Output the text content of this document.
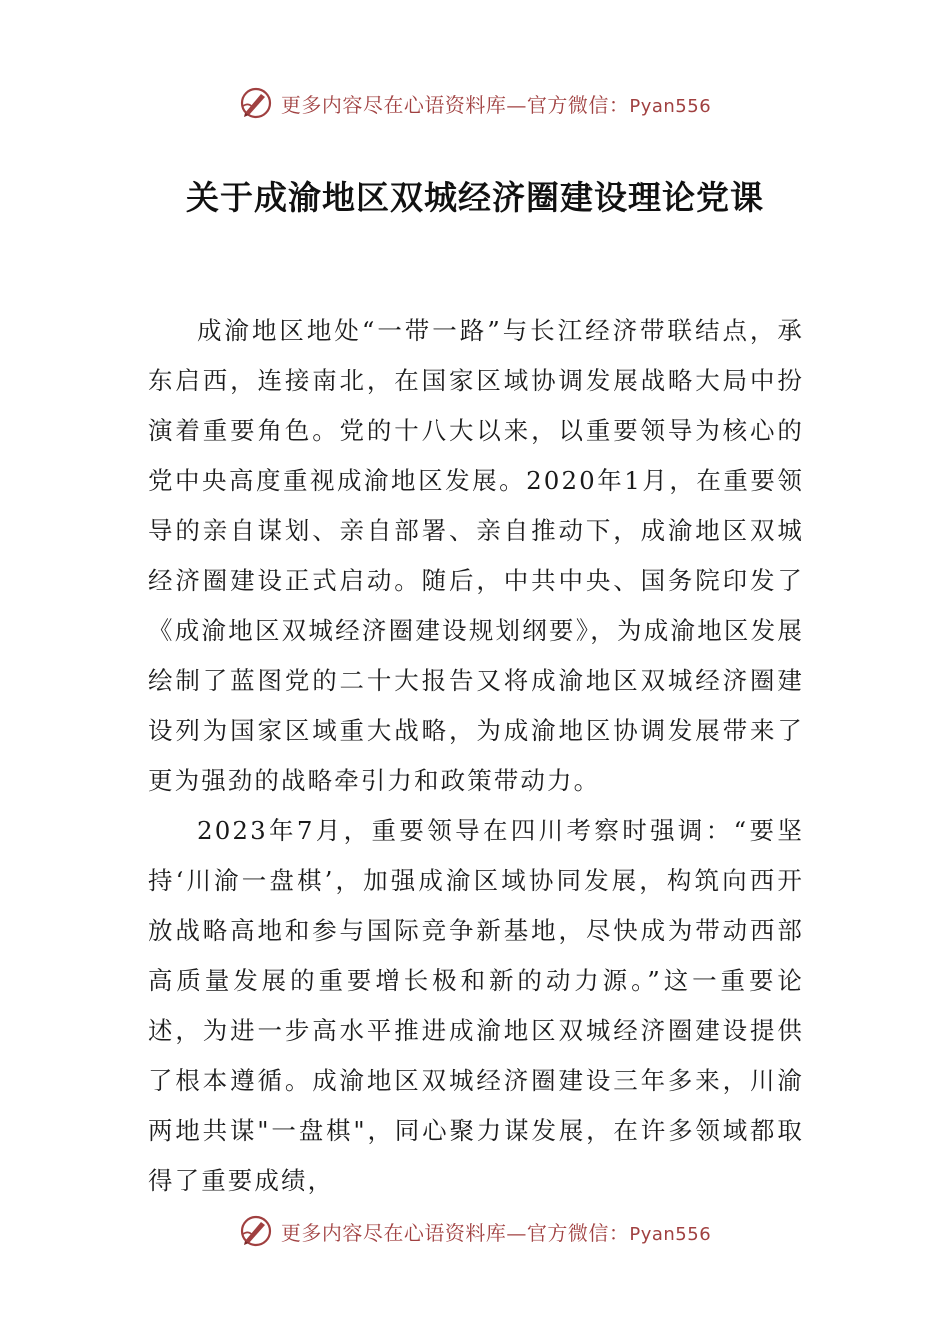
更多内容尽在心语资料库—官方微信：Pyan556
关于成渝地区双城经济圈建设理论党课

成渝地区地处“一带一路”与长江经济带联结点，承东启西，连接南北，在国家区域协调发展战略大局中扮演着重要角色。党的十八大以来，以重要领导为核心的党中央高度重视成渝地区发展。2020年1月，在重要领导的亲自谋划、亲自部署、亲自推动下，成渝地区双城经济圈建设正式启动。随后，中共中央、国务院印发了《成渝地区双城经济圈建设规划纲要》，为成渝地区发展绘制了蓝图党的二十大报告又将成渝地区双城经济圈建设列为国家区域重大战略，为成渝地区协调发展带来了更为强劲的战略牵引力和政策带动力。

2023年7月，重要领导在四川考察时强调：“要坚持‘川渝一盘棋’，加强成渝区域协同发展，构筑向西开放战略高地和参与国际竞争新基地，尽快成为带动西部高质量发展的重要增长极和新的动力源。”这一重要论述，为进一步高水平推进成渝地区双城经济圈建设提供了根本遵循。成渝地区双城经济圈建设三年多来，川渝两地共谋"一盘棋"，同心聚力谋发展，在许多领域都取得了重要成绩，

更多内容尽在心语资料库—官方微信：Pyan556
